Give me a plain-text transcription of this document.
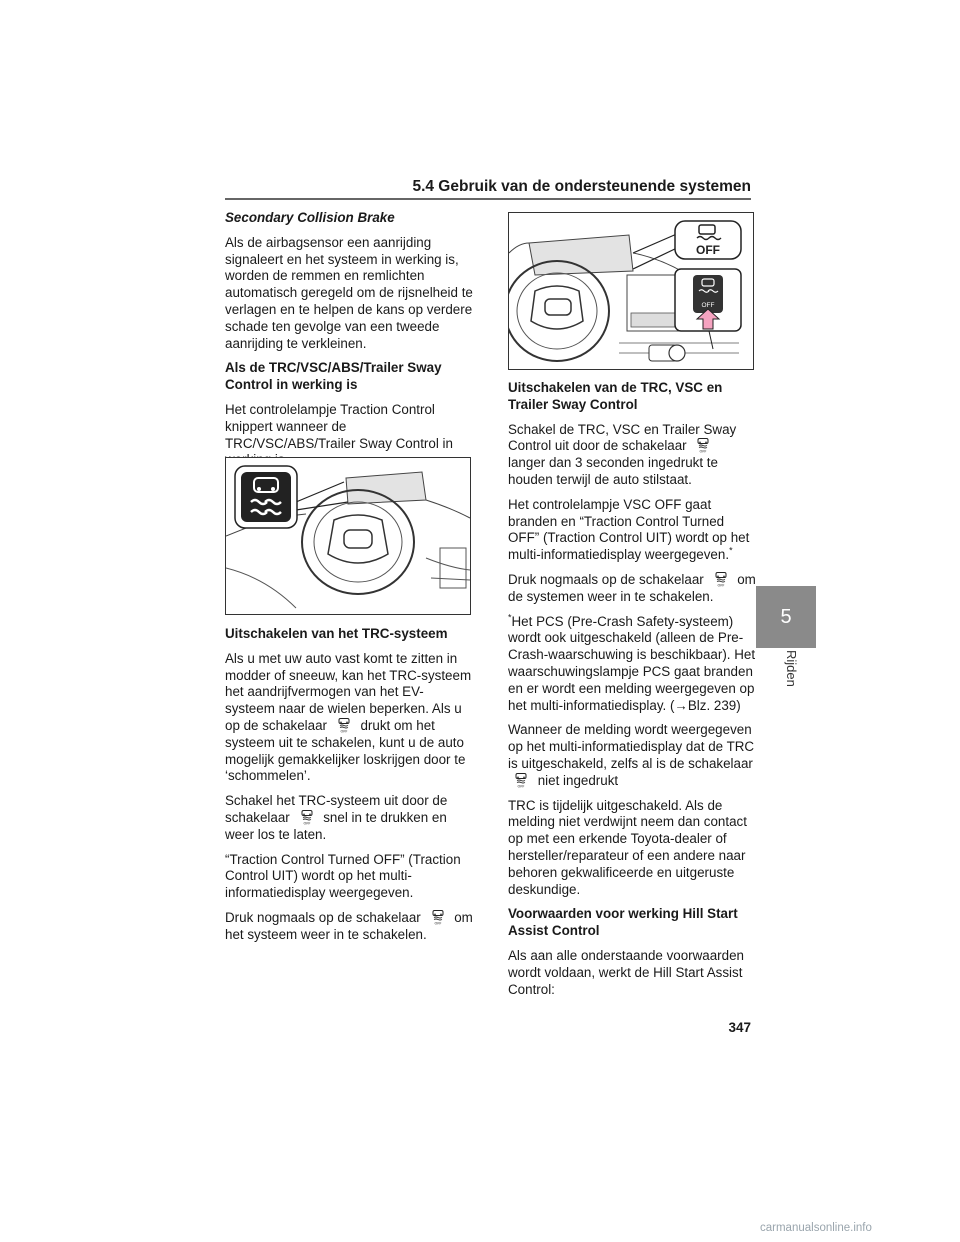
5.4 Gebruik van de ondersteunende systemen

Secondary Collision Brake

Als de airbagsensor een aanrijding signaleert en het systeem in werking is, worden de remmen en remlichten automatisch geregeld om de rijsnelheid te verlagen en te helpen de kans op verdere schade ten gevolge van een tweede aanrijding te verkleinen.

Als de TRC/VSC/ABS/Trailer Sway Control in werking is

Het controlelampje Traction Control knippert wanneer de TRC/VSC/ABS/Trailer Sway Control in

Uitschakelen van het TRC-systeem

Als u met uw auto vast komt te zitten in modder of sneeuw, kan het TRC-systeem het aandrijfvermogen van het EV-systeem naar de wielen beperken. Als u op de schakelaar drukt om het systeem uit te schakelen, kunt u de auto mogelijk gemakkelijker loskrijgen door te ‘schommelen’.

Schakel het TRC-systeem uit door de schakelaar snel in te drukken en weer los te laten.

“Traction Control Turned OFF” (Traction Control UIT) wordt op het multi-informatiedisplay weergegeven.

Druk nogmaals op de schakelaar om het systeem weer in te schakelen.

OFF
OFF

Uitschakelen van de TRC, VSC en Trailer Sway Control

Schakel de TRC, VSC en Trailer Sway Control uit door de schakelaar  langer dan 3 seconden ingedrukt te houden terwijl de auto stilstaat.

Het controlelampje VSC OFF gaat branden en “Traction Control Turned OFF” (Traction Control UIT) wordt op het multi-informatiedisplay weergegeven.*

Druk nogmaals op de schakelaar om de systemen weer in te schakelen.

*Het PCS (Pre-Crash Safety-systeem) wordt ook uitgeschakeld (alleen de Pre-Crash-waarschuwing is beschikbaar). Het waarschuwingslampje PCS gaat branden en er wordt een melding weergegeven op het multi-informatiedisplay. (→Blz. 239)

Wanneer de melding wordt weergegeven op het multi-informatiedisplay dat de TRC is uitgeschakeld, zelfs al is de schakelaar  niet ingedrukt

TRC is tijdelijk uitgeschakeld. Als de melding niet verdwijnt neem dan contact op met een erkende Toyota-dealer of hersteller/reparateur of een andere naar behoren gekwalificeerde en uitgeruste deskundige.

Voorwaarden voor werking Hill Start Assist Control

Als aan alle onderstaande voorwaarden wordt voldaan, werkt de Hill Start Assist Control:

5
Rijden
347
carmanualsonline.info
